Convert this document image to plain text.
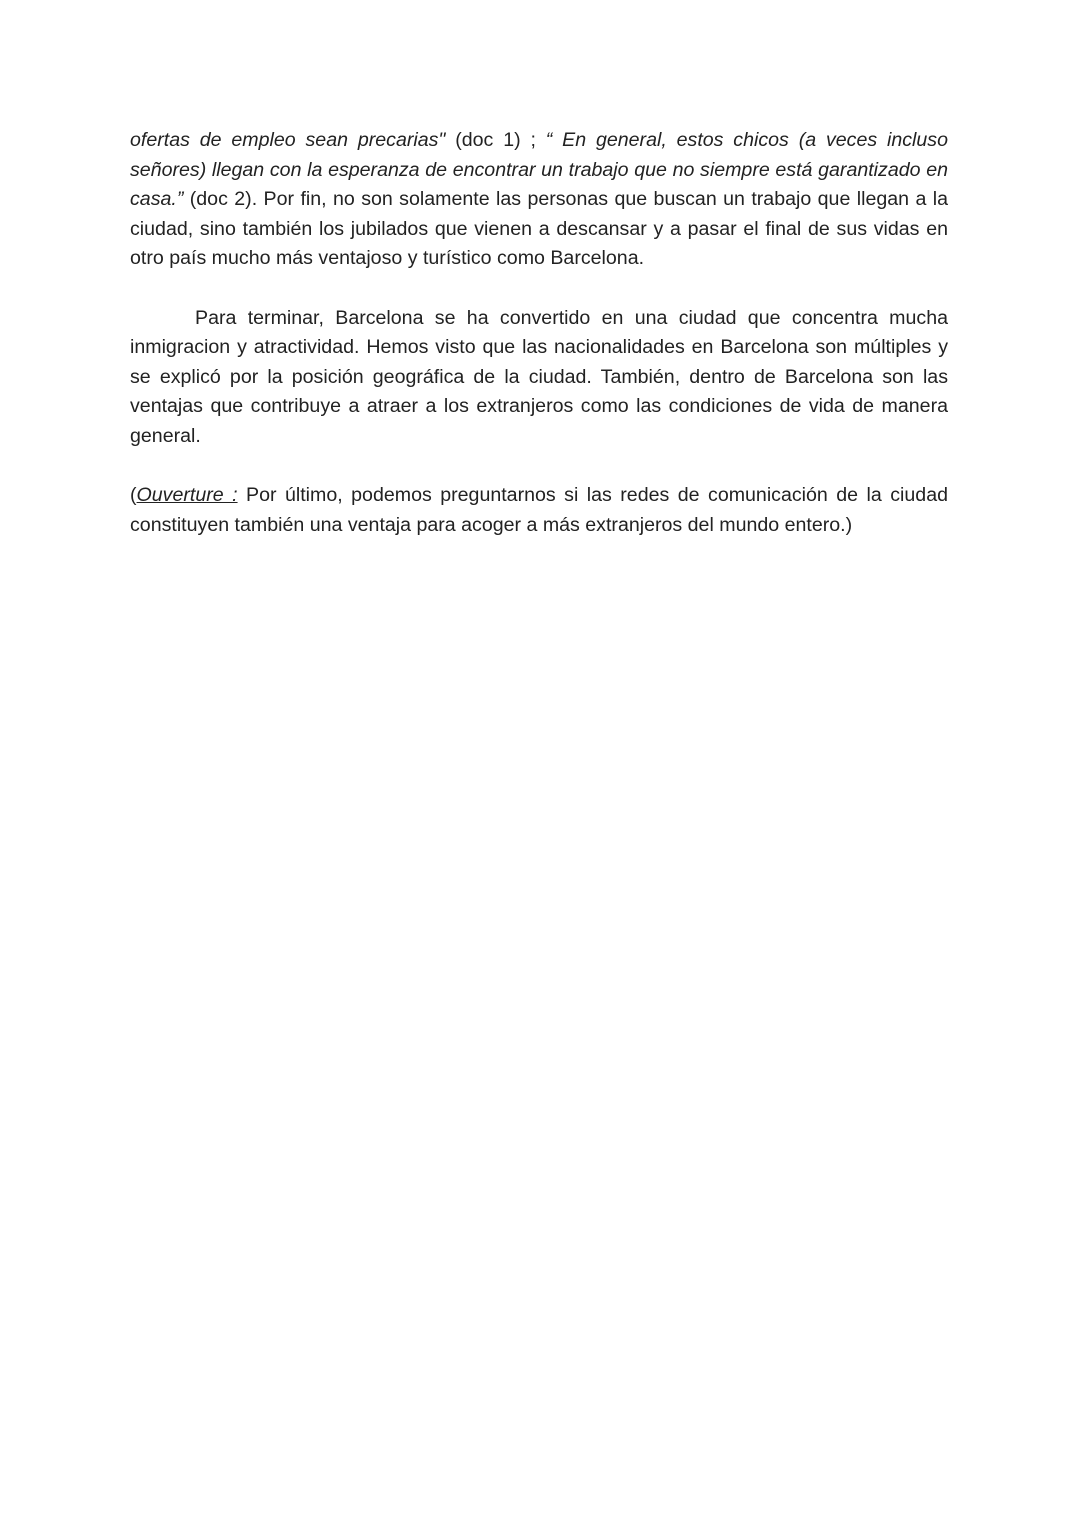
ofertas de empleo sean precarias" (doc 1) ; “ En general, estos chicos (a veces incluso señores) llegan con la esperanza de encontrar un trabajo que no siempre está garantizado en casa.” (doc 2). Por fin, no son solamente las personas que buscan un trabajo que llegan a la ciudad, sino también los jubilados que vienen a descansar y a pasar el final de sus vidas en otro país mucho más ventajoso y turístico como Barcelona.

Para terminar, Barcelona se ha convertido en una ciudad que concentra mucha inmigracion y atractividad. Hemos visto que las nacionalidades en Barcelona son múltiples y se explicó por la posición geográfica de la ciudad. También, dentro de Barcelona son las ventajas que contribuye a atraer a los extranjeros como las condiciones de vida de manera general.

(Ouverture : Por último, podemos preguntarnos si las redes de comunicación de la ciudad constituyen también una ventaja para acoger a más extranjeros del mundo entero.)
